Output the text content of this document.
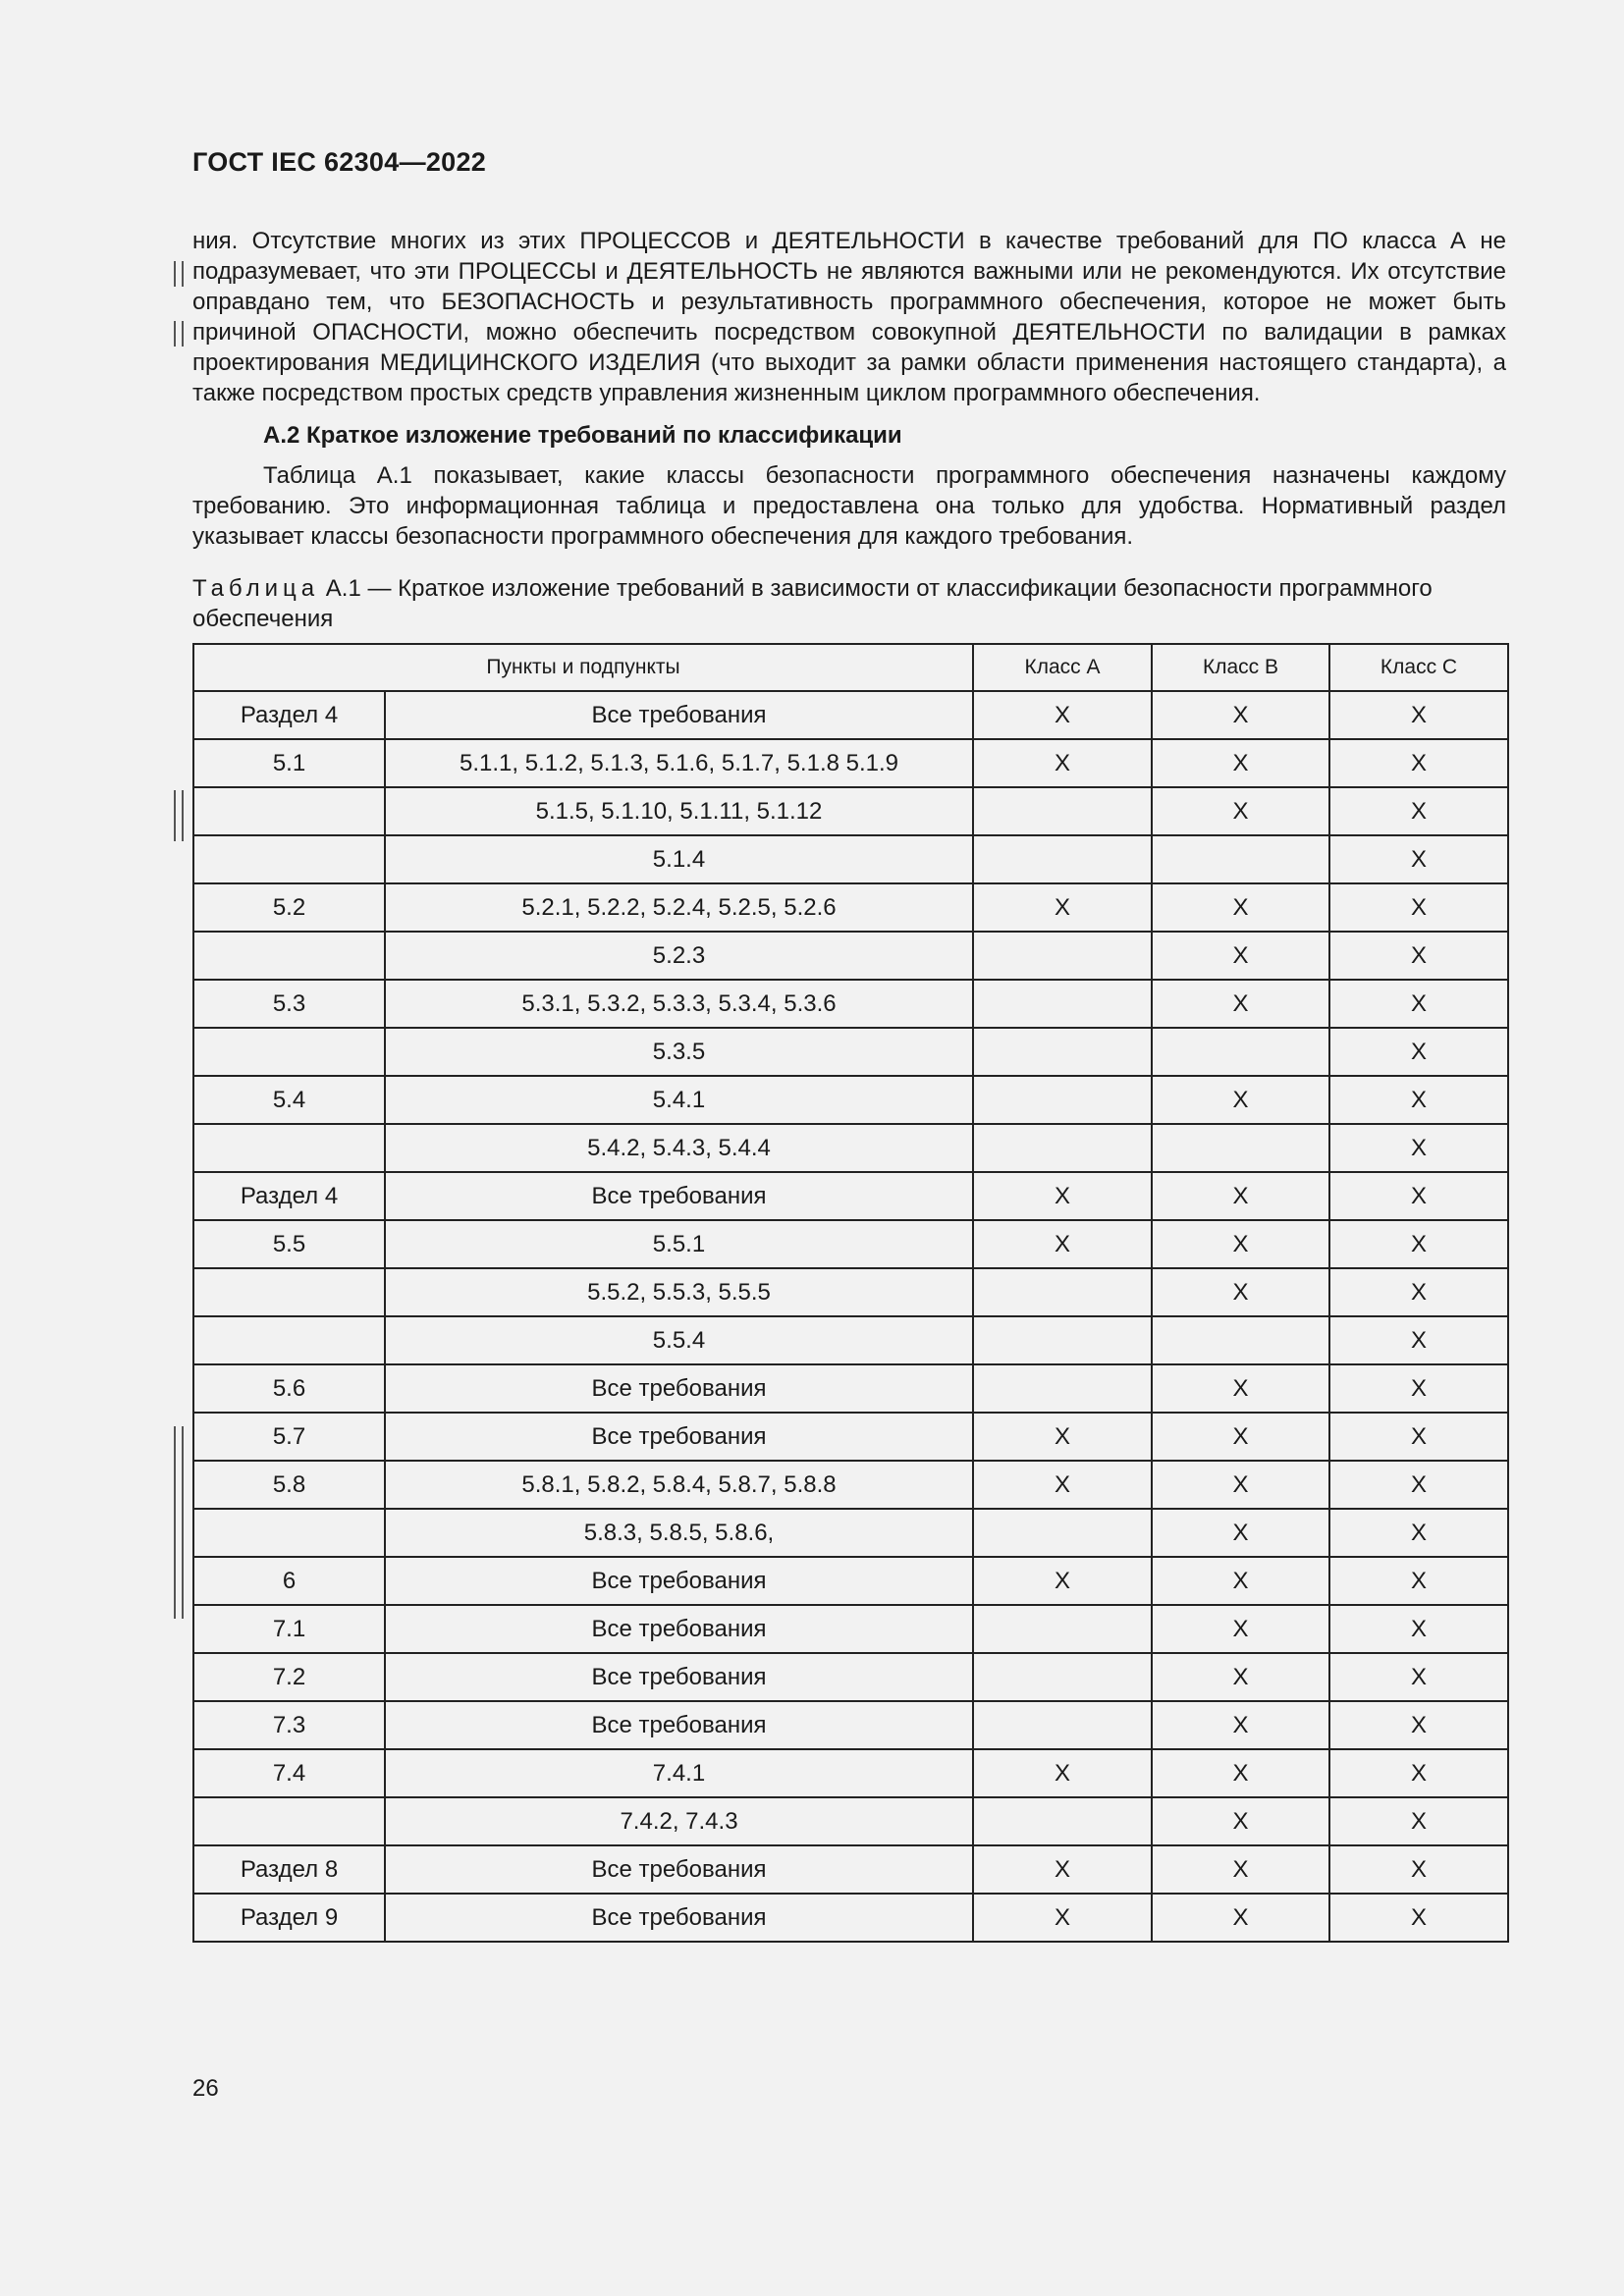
ГОСТ IEC 62304—2022

ния. Отсутствие многих из этих ПРОЦЕССОВ и ДЕЯТЕЛЬНОСТИ в качестве требований для ПО класса А не подразумевает, что эти ПРОЦЕССЫ и ДЕЯТЕЛЬНОСТЬ не являются важными или не рекомендуются. Их отсутствие оправдано тем, что БЕЗОПАСНОСТЬ и результативность программного обеспечения, которое не может быть причиной ОПАСНОСТИ, можно обеспечить посредством совокупной ДЕЯТЕЛЬНОСТИ по валидации в рамках проектирования МЕДИЦИНСКОГО ИЗДЕЛИЯ (что выходит за рамки области применения настоящего стандарта), а также посредством простых средств управления жизненным циклом программного обеспечения.

А.2 Краткое изложение требований по классификации

Таблица А.1 показывает, какие классы безопасности программного обеспечения назначены каждому требованию. Это информационная таблица и предоставлена она только для удобства. Нормативный раздел указывает классы безопасности программного обеспечения для каждого требования.

Таблица А.1 — Краткое изложение требований в зависимости от классификации безопасности программного обеспечения
Пункты и подпункты		Класс А	Класс В	Класс С
Раздел 4	Все требования	X	X	X
5.1	5.1.1, 5.1.2, 5.1.3, 5.1.6, 5.1.7, 5.1.8 5.1.9	X	X	X
	5.1.5, 5.1.10, 5.1.11, 5.1.12		X	X
	5.1.4			X
5.2	5.2.1, 5.2.2, 5.2.4, 5.2.5, 5.2.6	X	X	X
	5.2.3		X	X
5.3	5.3.1, 5.3.2, 5.3.3, 5.3.4, 5.3.6		X	X
	5.3.5			X
5.4	5.4.1		X	X
	5.4.2, 5.4.3, 5.4.4			X
Раздел 4	Все требования	X	X	X
5.5	5.5.1	X	X	X
	5.5.2, 5.5.3, 5.5.5		X	X
	5.5.4			X
5.6	Все требования		X	X
5.7	Все требования	X	X	X
5.8	5.8.1, 5.8.2, 5.8.4, 5.8.7, 5.8.8	X	X	X
	5.8.3, 5.8.5, 5.8.6,		X	X
6	Все требования	X	X	X
7.1	Все требования		X	X
7.2	Все требования		X	X
7.3	Все требования		X	X
7.4	7.4.1	X	X	X
	7.4.2, 7.4.3		X	X
Раздел 8	Все требования	X	X	X
Раздел 9	Все требования	X	X	X
26
